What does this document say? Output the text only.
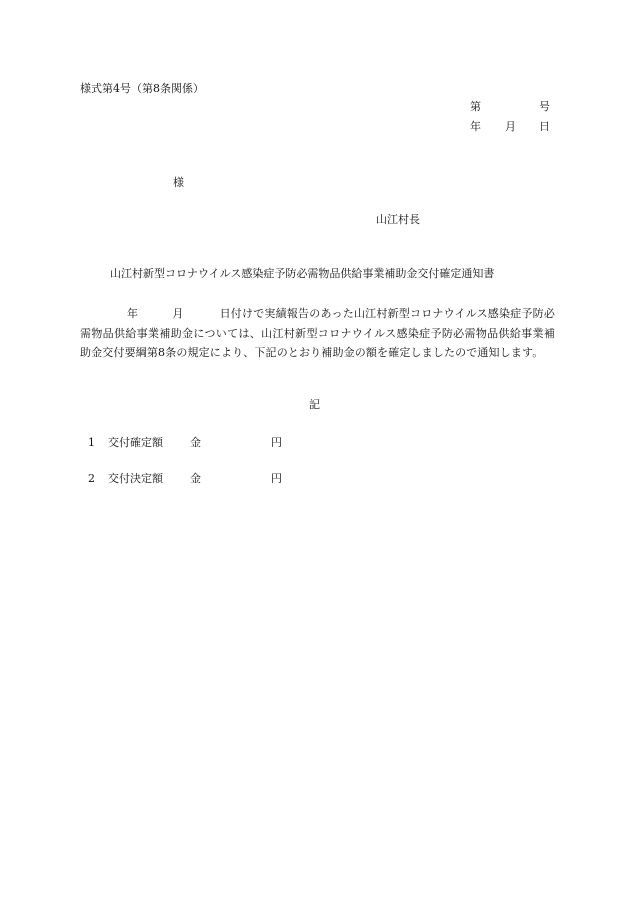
様式第4号（第8条関係）
第	号
年 月 日
様
山江村長
山江村新型コロナウイルス感染症予防必需物品供給事業補助金交付確定通知書
年	月	日付けで実績報告のあった山江村新型コロナウイルス感染症予防必需物品供給事業補助金については、山江村新型コロナウイルス感染症予防必需物品供給事業補助金交付要綱第8条の規定により、下記のとおり補助金の額を確定しましたので通知します。
記
1 交付確定額 金	円
2 交付決定額 金	円
